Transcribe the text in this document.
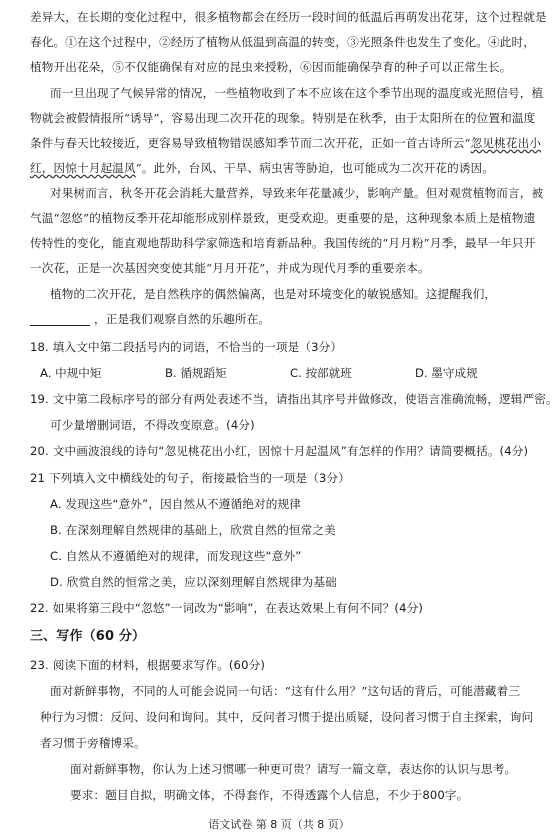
差异大，在长期的变化过程中，很多植物都会在经历一段时间的低温后再萌发出花芽，这个过程就是
春化。①在这个过程中，②经历了植物从低温到高温的转变，③光照条件也发生了变化。④此时，
植物开出花朵，⑤不仅能确保有对应的昆虫来授粉，⑥因而能确保孕育的种子可以正常生长。
而一旦出现了气候异常的情况，一些植物收到了本不应该在这个季节出现的温度或光照信号，植
物就会被假情报所“诱导”，容易出现二次开花的现象。特别是在秋季，由于太阳所在的位置和温度
条件与春天比较接近，更容易导致植物错误感知季节而二次开花，正如一首古诗所云“忽见桃花出小
红，因惊十月起温风”。此外，台风、干旱、病虫害等胁迫，也可能成为二次开花的诱因。
对果树而言，秋冬开花会消耗大量营养，导致来年花量减少，影响产量。但对观赏植物而言，被
气温“忽悠”的植物反季开花却能形成别样景致，更受欢迎。更重要的是，这种现象本质上是植物遗
传特性的变化，能直观地帮助科学家筛选和培育新品种。我国传统的“月月粉”月季，最早一年只开
一次花，正是一次基因突变使其能“月月开花”，并成为现代月季的重要亲本。
植物的二次开花，是自然秩序的偶然偏离，也是对环境变化的敏锐感知。这提醒我们，
，正是我们观察自然的乐趣所在。
18. 填入文中第二段括号内的词语，不恰当的一项是（3分）
A. 中规中矩	B. 循规蹈矩	C. 按部就班	D. 墨守成规
19. 文中第二段标序号的部分有两处表述不当，请指出其序号并做修改，使语言准确流畅，逻辑严密。
可少量增删词语，不得改变原意。(4分)
20. 文中画波浪线的诗句“忽见桃花出小红，因惊十月起温风”有怎样的作用？请简要概括。(4分)
21 下列填入文中横线处的句子，衔接最恰当的一项是（3分）
A. 发现这些“意外”，因自然从不遵循绝对的规律
B. 在深刻理解自然规律的基础上，欣赏自然的恒常之美
C. 自然从不遵循绝对的规律，而发现这些“意外”
D. 欣赏自然的恒常之美，应以深刻理解自然规律为基础
22. 如果将第三段中“忽悠”一词改为“影响”，在表达效果上有何不同？(4分)
三、写作（60 分）
23. 阅读下面的材料，根据要求写作。(60分)
面对新鲜事物，不同的人可能会说同一句话：“这有什么用？”这句话的背后，可能潜藏着三
种行为习惯：反问、设问和询问。其中，反问者习惯于提出质疑，设问者习惯于自主探索，询问
者习惯于旁稽博采。
面对新鲜事物，你认为上述习惯哪一种更可贵？请写一篇文章，表达你的认识与思考。
要求：题目自拟，明确文体，不得套作，不得透露个人信息，不少于800字。
语文试卷 第 8 页（共 8 页）
